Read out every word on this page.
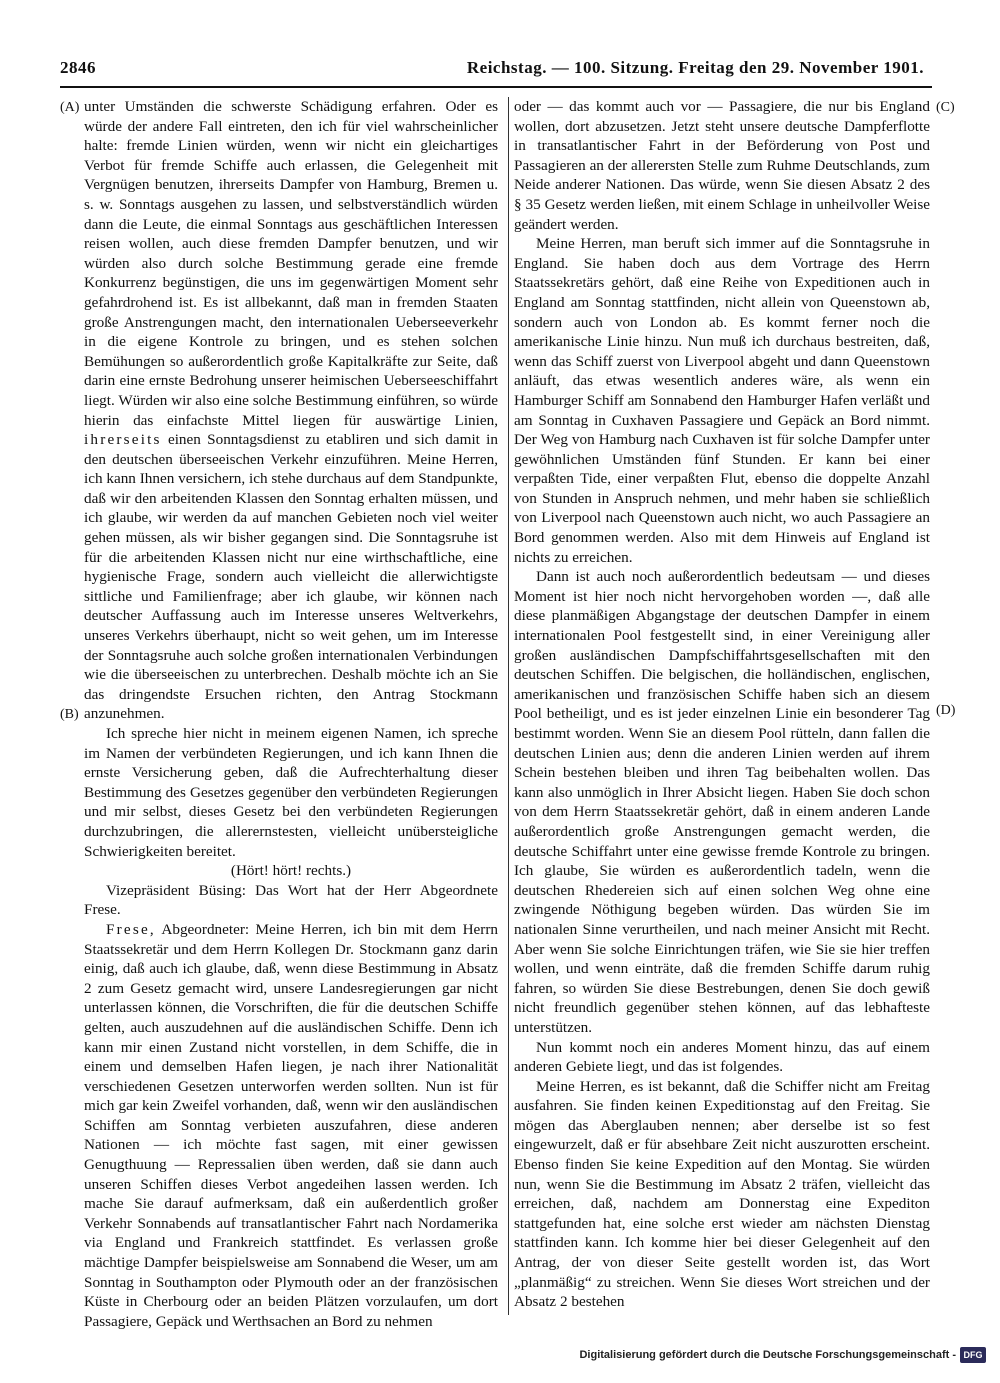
2846	Reichstag. — 100. Sitzung. Freitag den 29. November 1901.
(A)
(B)
(C)
(D)

unter Umständen die schwerste Schädigung erfahren. Oder es würde der andere Fall eintreten, den ich für viel wahrscheinlicher halte: fremde Linien würden, wenn wir nicht ein gleichartiges Verbot für fremde Schiffe auch erlassen, die Gelegenheit mit Vergnügen benutzen, ihrerseits Dampfer von Hamburg, Bremen u. s. w. Sonntags ausgehen zu lassen, und selbstverständlich würden dann die Leute, die einmal Sonntags aus geschäftlichen Interessen reisen wollen, auch diese fremden Dampfer benutzen, und wir würden also durch solche Bestimmung gerade eine fremde Konkurrenz begünstigen, die uns im gegenwärtigen Moment sehr gefahrdrohend ist. Es ist allbekannt, daß man in fremden Staaten große Anstrengungen macht, den internationalen Ueberseeverkehr in die eigene Kontrole zu bringen, und es stehen solchen Bemühungen so außerordentlich große Kapitalkräfte zur Seite, daß darin eine ernste Bedrohung unserer heimischen Ueberseeschiffahrt liegt. Würden wir also eine solche Bestimmung einführen, so würde hierin das einfachste Mittel liegen für auswärtige Linien, ihrerseits einen Sonntagsdienst zu etabliren und sich damit in den deutschen überseeischen Verkehr einzuführen. Meine Herren, ich kann Ihnen versichern, ich stehe durchaus auf dem Standpunkte, daß wir den arbeitenden Klassen den Sonntag erhalten müssen, und ich glaube, wir werden da auf manchen Gebieten noch viel weiter gehen müssen, als wir bisher gegangen sind. Die Sonntagsruhe ist für die arbeitenden Klassen nicht nur eine wirthschaftliche, eine hygienische Frage, sondern auch vielleicht die allerwichtigste sittliche und Familienfrage; aber ich glaube, wir können nach deutscher Auffassung auch im Interesse unseres Weltverkehrs, unseres Verkehrs überhaupt, nicht so weit gehen, um im Interesse der Sonntagsruhe auch solche großen internationalen Verbindungen wie die überseeischen zu unterbrechen. Deshalb möchte ich an Sie das dringendste Ersuchen richten, den Antrag Stockmann anzunehmen.

Ich spreche hier nicht in meinem eigenen Namen, ich spreche im Namen der verbündeten Regierungen, und ich kann Ihnen die ernste Versicherung geben, daß die Aufrechterhaltung dieser Bestimmung des Gesetzes gegenüber den verbündeten Regierungen und mir selbst, dieses Gesetz bei den verbündeten Regierungen durchzubringen, die allerernstesten, vielleicht unübersteigliche Schwierigkeiten bereitet.

(Hört! hört! rechts.)

Vizepräsident Büsing: Das Wort hat der Herr Abgeordnete Frese.

Frese, Abgeordneter: Meine Herren, ich bin mit dem Herrn Staatssekretär und dem Herrn Kollegen Dr. Stockmann ganz darin einig, daß auch ich glaube, daß, wenn diese Bestimmung in Absatz 2 zum Gesetz gemacht wird, unsere Landesregierungen gar nicht unterlassen können, die Vorschriften, die für die deutschen Schiffe gelten, auch auszudehnen auf die ausländischen Schiffe. Denn ich kann mir einen Zustand nicht vorstellen, in dem Schiffe, die in einem und demselben Hafen liegen, je nach ihrer Nationalität verschiedenen Gesetzen unterworfen werden sollten. Nun ist für mich gar kein Zweifel vorhanden, daß, wenn wir den ausländischen Schiffen am Sonntag verbieten auszufahren, diese anderen Nationen — ich möchte fast sagen, mit einer gewissen Genugthuung — Repressalien üben werden, daß sie dann auch unseren Schiffen dieses Verbot angedeihen lassen werden. Ich mache Sie darauf aufmerksam, daß ein außerdentlich großer Verkehr Sonnabends auf transatlantischer Fahrt nach Nordamerika via England und Frankreich stattfindet. Es verlassen große mächtige Dampfer beispielsweise am Sonnabend die Weser, um am Sonntag in Southampton oder Plymouth oder an der französischen Küste in Cherbourg oder an beiden Plätzen vorzulaufen, um dort Passagiere, Gepäck und Werthsachen an Bord zu nehmen

oder — das kommt auch vor — Passagiere, die nur bis England wollen, dort abzusetzen. Jetzt steht unsere deutsche Dampferflotte in transatlantischer Fahrt in der Beförderung von Post und Passagieren an der allerersten Stelle zum Ruhme Deutschlands, zum Neide anderer Nationen. Das würde, wenn Sie diesen Absatz 2 des § 35 Gesetz werden ließen, mit einem Schlage in unheilvoller Weise geändert werden.

Meine Herren, man beruft sich immer auf die Sonntagsruhe in England. Sie haben doch aus dem Vortrage des Herrn Staatssekretärs gehört, daß eine Reihe von Expeditionen auch in England am Sonntag stattfinden, nicht allein von Queenstown ab, sondern auch von London ab. Es kommt ferner noch die amerikanische Linie hinzu. Nun muß ich durchaus bestreiten, daß, wenn das Schiff zuerst von Liverpool abgeht und dann Queenstown anläuft, das etwas wesentlich anderes wäre, als wenn ein Hamburger Schiff am Sonnabend den Hamburger Hafen verläßt und am Sonntag in Cuxhaven Passagiere und Gepäck an Bord nimmt. Der Weg von Hamburg nach Cuxhaven ist für solche Dampfer unter gewöhnlichen Umständen fünf Stunden. Er kann bei einer verpaßten Tide, einer verpaßten Flut, ebenso die doppelte Anzahl von Stunden in Anspruch nehmen, und mehr haben sie schließlich von Liverpool nach Queenstown auch nicht, wo auch Passagiere an Bord genommen werden. Also mit dem Hinweis auf England ist nichts zu erreichen.

Dann ist auch noch außerordentlich bedeutsam — und dieses Moment ist hier noch nicht hervorgehoben worden —, daß alle diese planmäßigen Abgangstage der deutschen Dampfer in einem internationalen Pool festgestellt sind, in einer Vereinigung aller großen ausländischen Dampfschiffahrtsgesellschaften mit den deutschen Schiffen. Die belgischen, die holländischen, englischen, amerikanischen und französischen Schiffe haben sich an diesem Pool betheiligt, und es ist jeder einzelnen Linie ein besonderer Tag bestimmt worden. Wenn Sie an diesem Pool rütteln, dann fallen die deutschen Linien aus; denn die anderen Linien werden auf ihrem Schein bestehen bleiben und ihren Tag beibehalten wollen. Das kann also unmöglich in Ihrer Absicht liegen. Haben Sie doch schon von dem Herrn Staatssekretär gehört, daß in einem anderen Lande außerordentlich große Anstrengungen gemacht werden, die deutsche Schiffahrt unter eine gewisse fremde Kontrole zu bringen. Ich glaube, Sie würden es außerordentlich tadeln, wenn die deutschen Rhedereien sich auf einen solchen Weg ohne eine zwingende Nöthigung begeben würden. Das würden Sie im nationalen Sinne verurtheilen, und nach meiner Ansicht mit Recht. Aber wenn Sie solche Einrichtungen träfen, wie Sie sie hier treffen wollen, und wenn einträte, daß die fremden Schiffe darum ruhig fahren, so würden Sie diese Bestrebungen, denen Sie doch gewiß nicht freundlich gegenüber stehen können, auf das lebhafteste unterstützen.

Nun kommt noch ein anderes Moment hinzu, das auf einem anderen Gebiete liegt, und das ist folgendes.

Meine Herren, es ist bekannt, daß die Schiffer nicht am Freitag ausfahren. Sie finden keinen Expeditionstag auf den Freitag. Sie mögen das Aberglauben nennen; aber derselbe ist so fest eingewurzelt, daß er für absehbare Zeit nicht auszurotten erscheint. Ebenso finden Sie keine Expedition auf den Montag. Sie würden nun, wenn Sie die Bestimmung im Absatz 2 träfen, vielleicht das erreichen, daß, nachdem am Donnerstag eine Expediton stattgefunden hat, eine solche erst wieder am nächsten Dienstag stattfinden kann. Ich komme hier bei dieser Gelegenheit auf den Antrag, der von dieser Seite gestellt worden ist, das Wort „planmäßig“ zu streichen. Wenn Sie dieses Wort streichen und der Absatz 2 bestehen

Digitalisierung gefördert durch die Deutsche Forschungsgemeinschaft - DFG
